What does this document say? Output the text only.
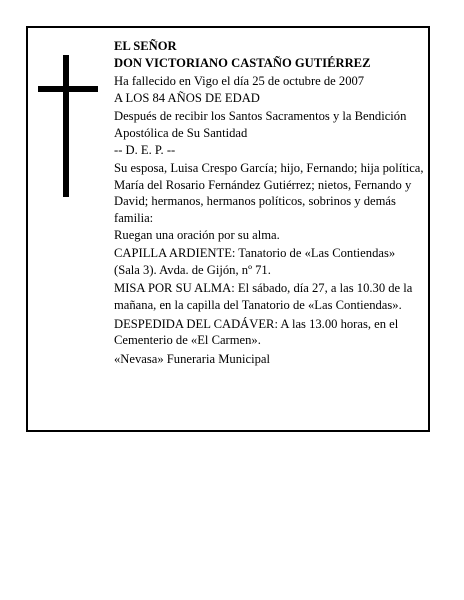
EL SEÑOR

DON VICTORIANO CASTAÑO GUTIÉRREZ

Ha fallecido en Vigo el día 25 de octubre de 2007

A LOS 84 AÑOS DE EDAD

Después de recibir los Santos Sacramentos y la Bendición Apostólica de Su Santidad

-- D. E. P. --

Su esposa, Luisa Crespo García; hijo, Fernando; hija política, María del Rosario Fernández Gutiérrez; nietos, Fernando y David; hermanos, hermanos políticos, sobrinos y demás familia:

Ruegan una oración por su alma.

CAPILLA ARDIENTE: Tanatorio de «Las Contiendas» (Sala 3). Avda. de Gijón, nº 71.

MISA POR SU ALMA: El sábado, día 27, a las 10.30 de la mañana, en la capilla del Tanatorio de «Las Contiendas».

DESPEDIDA DEL CADÁVER: A las 13.00 horas, en el Cementerio de «El Carmen».

«Nevasa» Funeraria Municipal
